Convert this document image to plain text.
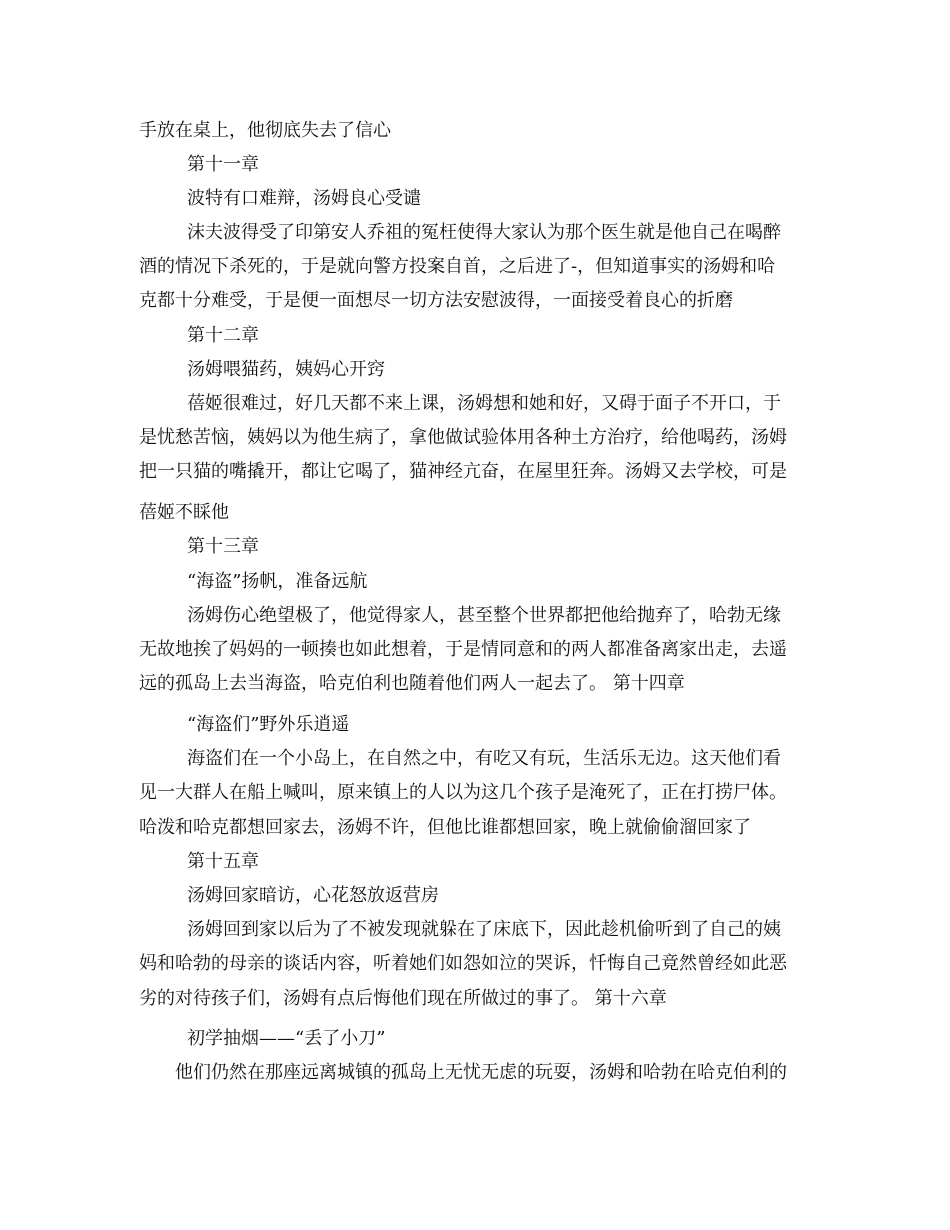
手放在桌上，他彻底失去了信心
第十一章
波特有口难辩，汤姆良心受谴
沫夫波得受了印第安人乔祖的冤枉使得大家认为那个医生就是他自己在喝醉
酒的情况下杀死的，于是就向警方投案自首，之后进了-，但知道事实的汤姆和哈
克都十分难受，于是便一面想尽一切方法安慰波得，一面接受着良心的折磨
第十二章
汤姆喂猫药，姨妈心开窍
蓓姬很难过，好几天都不来上课，汤姆想和她和好，又碍于面子不开口，于
是忧愁苦恼，姨妈以为他生病了，拿他做试验体用各种土方治疗，给他喝药，汤姆
把一只猫的嘴撬开，都让它喝了，猫神经亢奋，在屋里狂奔。汤姆又去学校，可是
蓓姬不睬他
第十三章
“海盗”扬帆，准备远航
汤姆伤心绝望极了，他觉得家人，甚至整个世界都把他给抛弃了，哈勃无缘
无故地挨了妈妈的一顿揍也如此想着，于是情同意和的两人都准备离家出走，去遥
远的孤岛上去当海盗，哈克伯利也随着他们两人一起去了。 第十四章
“海盗们”野外乐逍遥
海盗们在一个小岛上，在自然之中，有吃又有玩，生活乐无边。这天他们看
见一大群人在船上喊叫，原来镇上的人以为这几个孩子是淹死了，正在打捞尸体。
哈泼和哈克都想回家去，汤姆不许，但他比谁都想回家，晚上就偷偷溜回家了
第十五章
汤姆回家暗访，心花怒放返营房
汤姆回到家以后为了不被发现就躲在了床底下，因此趁机偷听到了自己的姨
妈和哈勃的母亲的谈话内容，听着她们如怨如泣的哭诉，忏悔自己竟然曾经如此恶
劣的对待孩子们，汤姆有点后悔他们现在所做过的事了。 第十六章
初学抽烟——“丢了小刀”
他们仍然在那座远离城镇的孤岛上无忧无虑的玩耍，汤姆和哈勃在哈克伯利的
